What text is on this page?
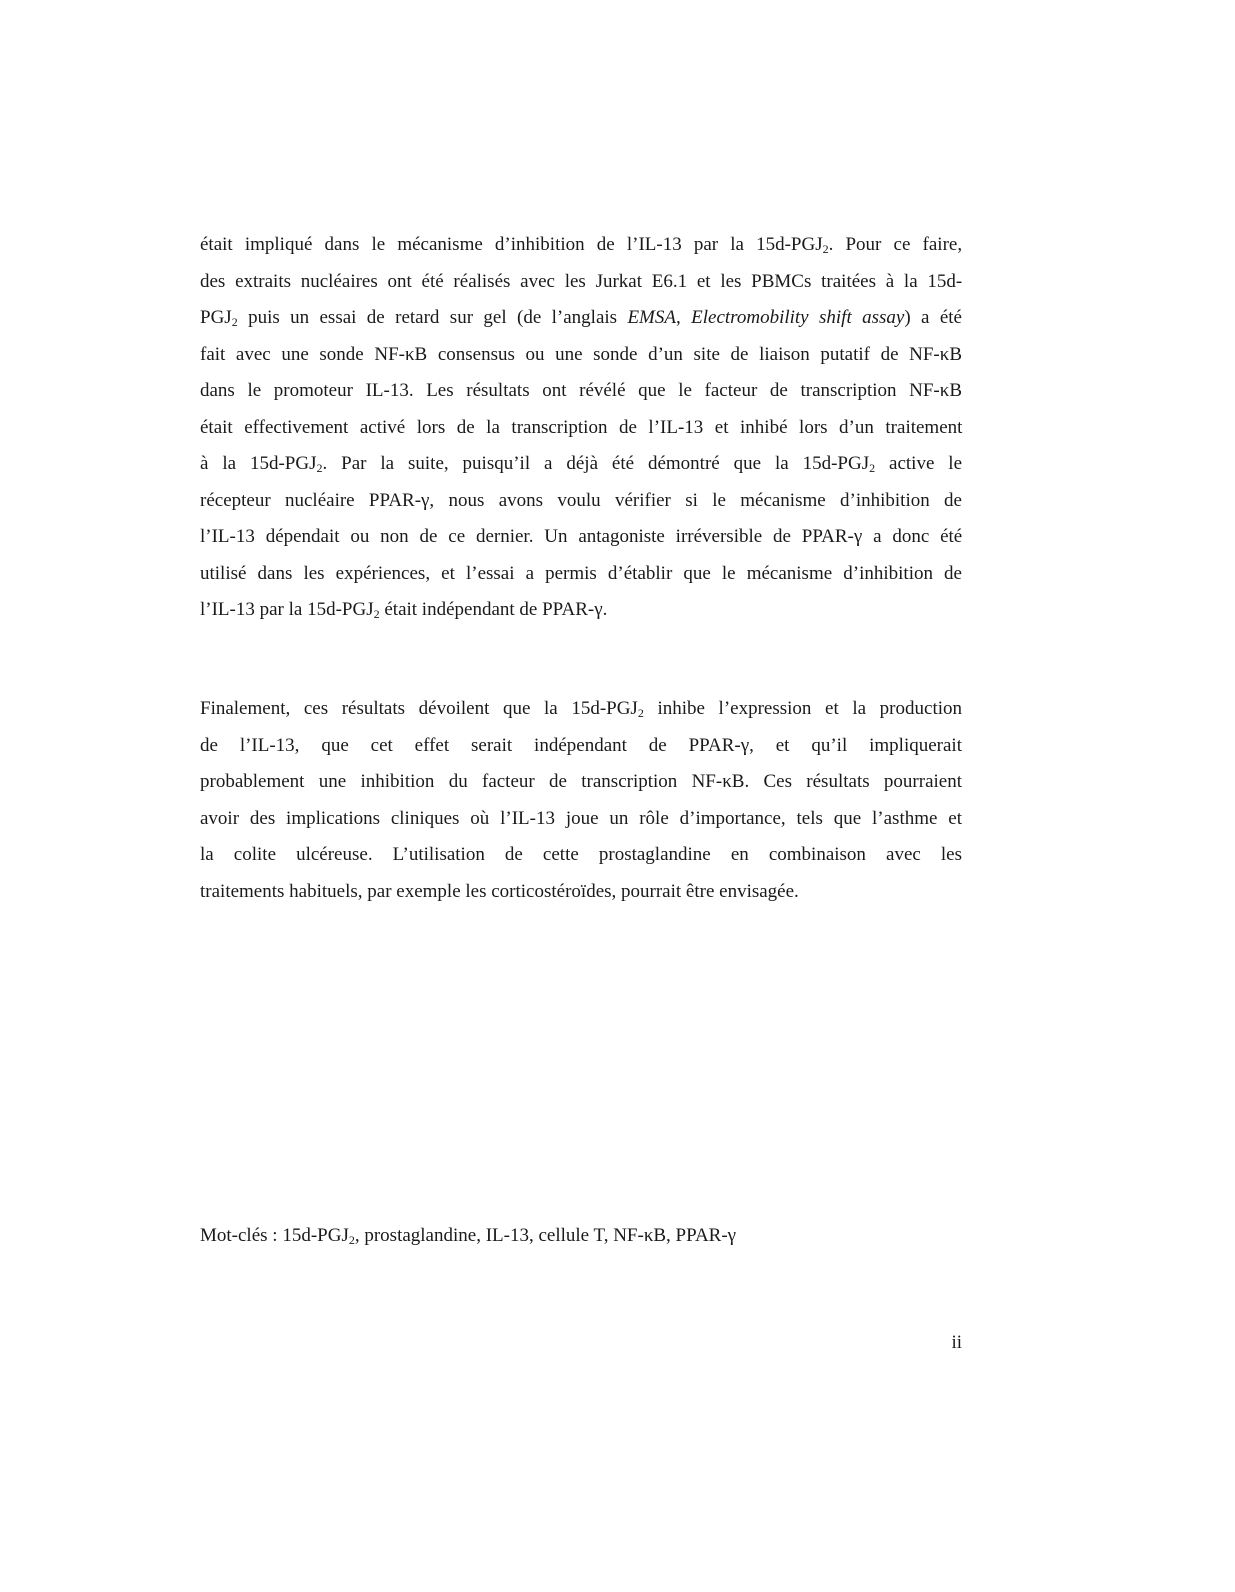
était impliqué dans le mécanisme d’inhibition de l’IL-13 par la $15d-PGJ_2$. Pour ce faire,
des extraits nucléaires ont été réalisés avec les Jurkat E6.1 et les PBMCs traitées à la 15d-
$PGJ_2$ puis un essai de retard sur gel (de l’anglais EMSA, Electromobility shift assay) a été
fait avec une sonde NF-κB consensus ou une sonde d’un site de liaison putatif de NF-κB
dans le promoteur IL-13. Les résultats ont révélé que le facteur de transcription NF-κB
était effectivement activé lors de la transcription de l’IL-13 et inhibé lors d’un traitement
à la $15d-PGJ_2$. Par la suite, puisqu’il a déjà été démontré que la $15d-PGJ_2$ active le
récepteur nucléaire PPAR-γ, nous avons voulu vérifier si le mécanisme d’inhibition de
l’IL-13 dépendait ou non de ce dernier. Un antagoniste irréversible de PPAR-γ a donc été
utilisé dans les expériences, et l’essai a permis d’établir que le mécanisme d’inhibition de
l’IL-13 par la $15d-PGJ_2$ était indépendant de PPAR-γ.
Finalement, ces résultats dévoilent que la $15d-PGJ_2$ inhibe l’expression et la production
de l’IL-13, que cet effet serait indépendant de PPAR-γ, et qu’il impliquerait
probablement une inhibition du facteur de transcription NF-κB. Ces résultats pourraient
avoir des implications cliniques où l’IL-13 joue un rôle d’importance, tels que l’asthme et
la colite ulcéreuse. L’utilisation de cette prostaglandine en combinaison avec les
traitements habituels, par exemple les corticostéroïdes, pourrait être envisagée.
Mot-clés : $15d-PGJ_2$, prostaglandine, IL-13, cellule T, NF-κB, PPAR-γ
ii
